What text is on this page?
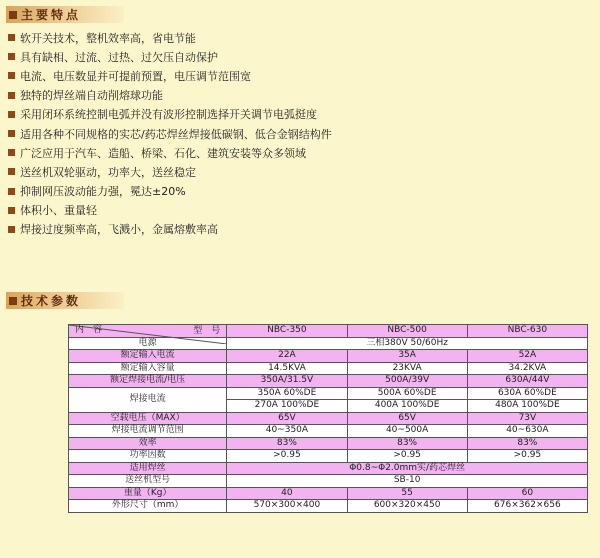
主要特点
软开关技术，整机效率高，省电节能
具有缺相、过流、过热、过欠压自动保护
电流、电压数显并可提前预置，电压调节范围宽
独特的焊丝端自动削熔球功能
采用闭环系统控制电弧并没有波形控制选择开关调节电弧挺度
适用各种不同规格的实芯/药芯焊丝焊接低碳钢、低合金钢结构件
广泛应用于汽车、造船、桥梁、石化、建筑安装等众多领域
送丝机双轮驱动，功率大，送丝稳定
抑制网压波动能力强，冕达±20%
体积小、重量轻
焊接过度频率高，飞溅小，金属熔敷率高
技术参数
型　号
内　容	NBC-350	NBC-500	NBC-630
电源	三相380V 50/60Hz		
额定输入电流	22A	35A	52A
额定输入容量	14.5KVA	23KVA	34.2KVA
额定焊接电流/电压	350A/31.5V	500A/39V	630A/44V
焊接电流	350A 60%DE	500A 60%DE	630A 60%DE
	270A 100%DE	400A 100%DE	480A 100%DE
空载电压（MAX）	65V	65V	73V
焊接电流调节范围	40~350A	40~500A	40~630A
效率	83%	83%	83%
功率因数	>0.95	>0.95	>0.95
适用焊丝	Φ0.8~Φ2.0mm实/药芯焊丝		
送丝机型号	SB-10		
重量（Kg）	40	55	60
外形尺寸（mm）	570×300×400	600×320×450	676×362×656
